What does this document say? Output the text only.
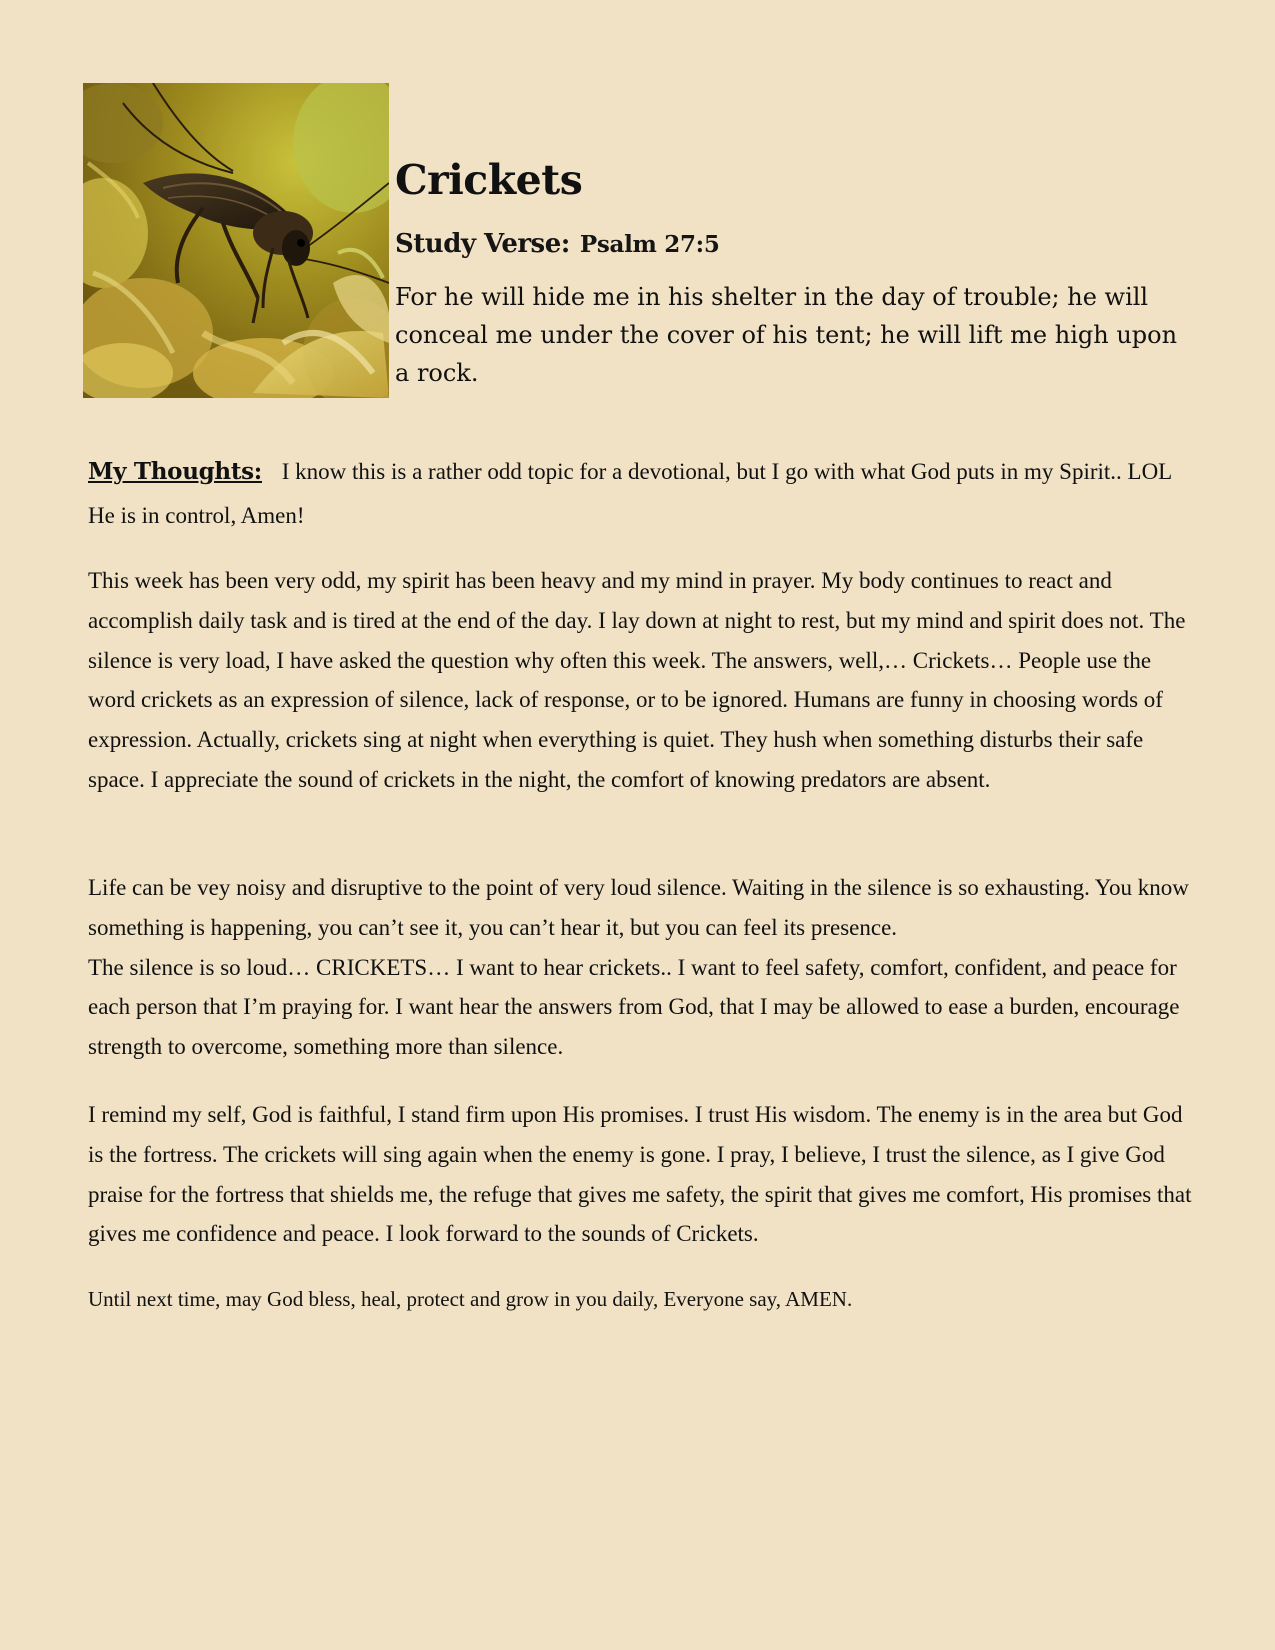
Crickets
Study Verse: Psalm 27:5

For he will hide me in his shelter in the day of trouble; he will conceal me under the cover of his tent; he will lift me high upon a rock.

My Thoughts: I know this is a rather odd topic for a devotional, but I go with what God puts in my Spirit.. LOL He is in control, Amen!

This week has been very odd, my spirit has been heavy and my mind in prayer. My body continues to react and accomplish daily task and is tired at the end of the day. I lay down at night to rest, but my mind and spirit does not. The silence is very load, I have asked the question why often this week. The answers, well,… Crickets… People use the word crickets as an expression of silence, lack of response, or to be ignored. Humans are funny in choosing words of expression. Actually, crickets sing at night when everything is quiet. They hush when something disturbs their safe space. I appreciate the sound of crickets in the night, the comfort of knowing predators are absent.

Life can be vey noisy and disruptive to the point of very loud silence. Waiting in the silence is so exhausting. You know something is happening, you can’t see it, you can’t hear it, but you can feel its presence.
The silence is so loud… CRICKETS… I want to hear crickets.. I want to feel safety, comfort, confident, and peace for each person that I’m praying for. I want hear the answers from God, that I may be allowed to ease a burden, encourage strength to overcome, something more than silence.

I remind my self, God is faithful, I stand firm upon His promises. I trust His wisdom. The enemy is in the area but God is the fortress. The crickets will sing again when the enemy is gone. I pray, I believe, I trust the silence, as I give God praise for the fortress that shields me, the refuge that gives me safety, the spirit that gives me comfort, His promises that gives me confidence and peace. I look forward to the sounds of Crickets.

Until next time, may God bless, heal, protect and grow in you daily, Everyone say, AMEN.
